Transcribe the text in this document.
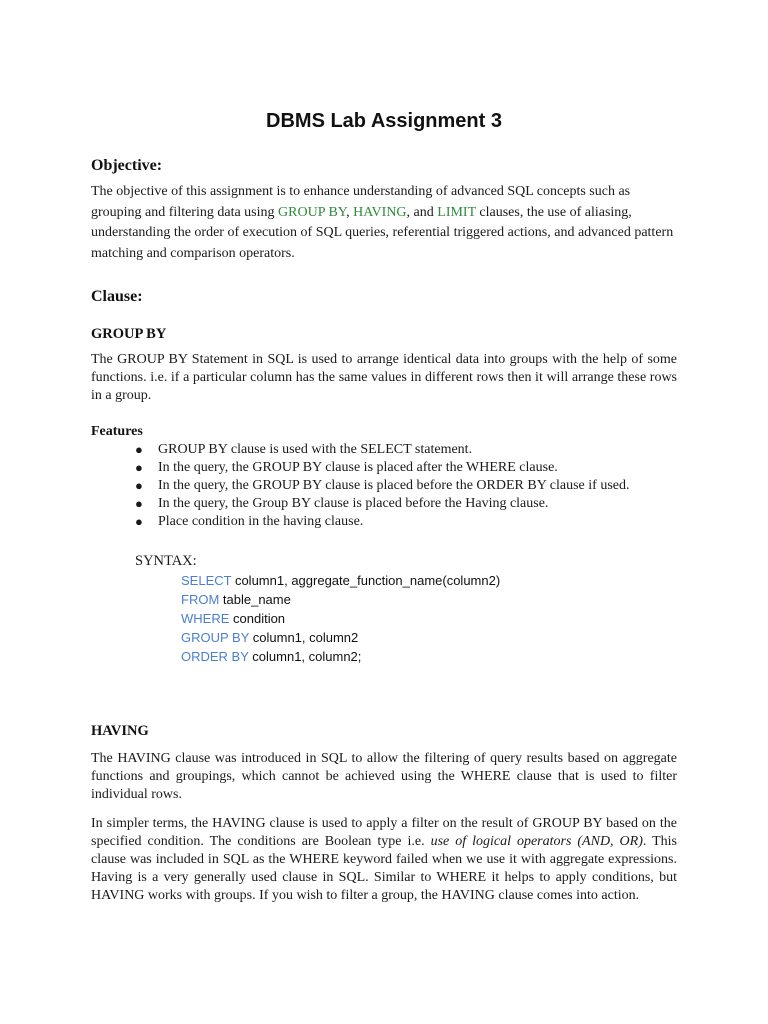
DBMS Lab Assignment 3
Objective:

The objective of this assignment is to enhance understanding of advanced SQL concepts such as grouping and filtering data using GROUP BY, HAVING, and LIMIT clauses, the use of aliasing, understanding the order of execution of SQL queries, referential triggered actions, and advanced pattern matching and comparison operators.

Clause:
GROUP BY

The GROUP BY Statement in SQL is used to arrange identical data into groups with the help of some functions. i.e. if a particular column has the same values in different rows then it will arrange these rows in a group.

Features
● GROUP BY clause is used with the SELECT statement.
● In the query, the GROUP BY clause is placed after the WHERE clause.
● In the query, the GROUP BY clause is placed before the ORDER BY clause if used.
● In the query, the Group BY clause is placed before the Having clause.
● Place condition in the having clause.
SYNTAX:
SELECT column1, aggregate_function_name(column2)
FROM table_name
WHERE condition
GROUP BY column1, column2
ORDER BY column1, column2;
HAVING

The HAVING clause was introduced in SQL to allow the filtering of query results based on aggregate functions and groupings, which cannot be achieved using the WHERE clause that is used to filter individual rows.

In simpler terms, the HAVING clause is used to apply a filter on the result of GROUP BY based on the specified condition. The conditions are Boolean type i.e. use of logical operators (AND, OR). This clause was included in SQL as the WHERE keyword failed when we use it with aggregate expressions. Having is a very generally used clause in SQL. Similar to WHERE it helps to apply conditions, but HAVING works with groups. If you wish to filter a group, the HAVING clause comes into action.
